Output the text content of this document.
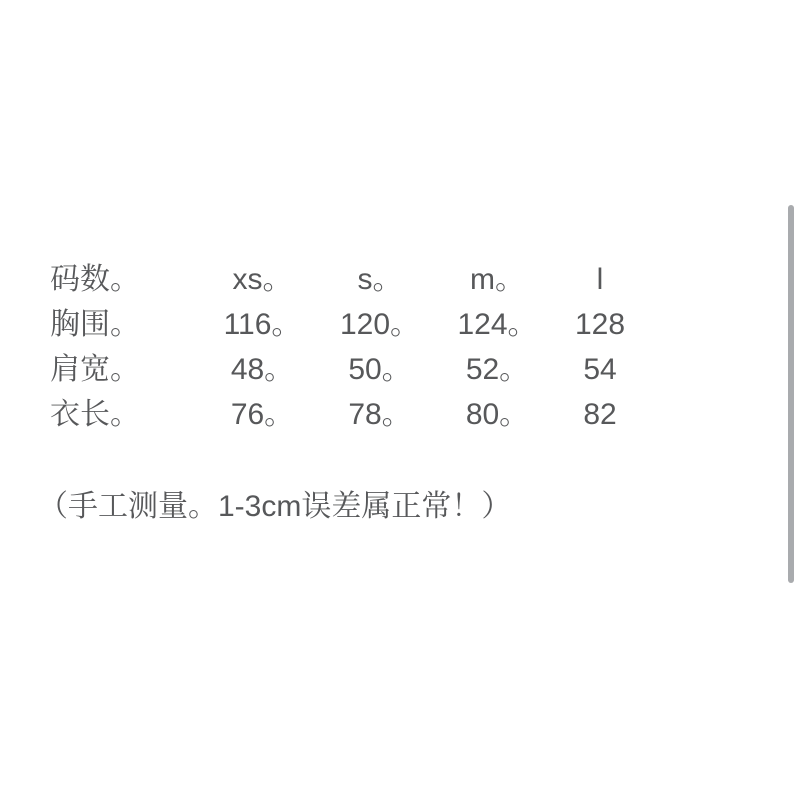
码数。	xs。	s。	m。	l
胸围。	116。	120。	124。	128
肩宽。	48。	50。	52。	54
衣长。	76。	78。	80。	82
（手工测量。1-3cm误差属正常！）
